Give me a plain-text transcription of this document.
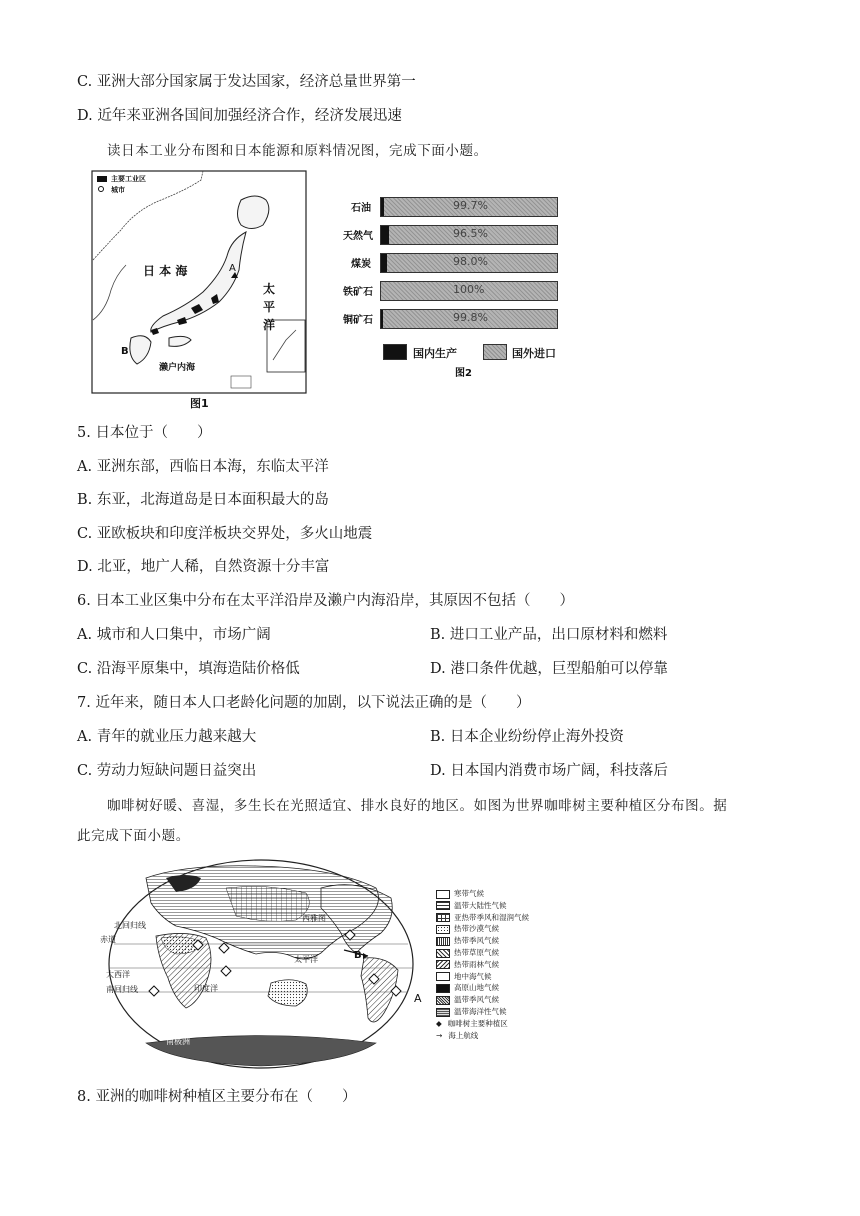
C. 亚洲大部分国家属于发达国家，经济总量世界第一
D. 近年来亚洲各国间加强经济合作，经济发展迅速
读日本工业分布图和日本能源和原料情况图，完成下面小题。
主要工业区
城市
日 本 海
太 平 洋
濑户内海
A
B
图1
石油	99.7%
天然气	96.5%
煤炭	98.0%
铁矿石	100%
铜矿石	99.8%
国内生产	国外进口
图2
5. 日本位于（　　）
A. 亚洲东部，西临日本海，东临太平洋
B. 东亚，北海道岛是日本面积最大的岛
C. 亚欧板块和印度洋板块交界处，多火山地震
D. 北亚，地广人稀，自然资源十分丰富
6. 日本工业区集中分布在太平洋沿岸及濑户内海沿岸，其原因不包括（　　）
A. 城市和人口集中，市场广阔	B. 进口工业产品，出口原材料和燃料
C. 沿海平原集中，填海造陆价格低	D. 港口条件优越，巨型船舶可以停靠
7. 近年来，随日本人口老龄化问题的加剧，以下说法正确的是（　　）
A. 青年的就业压力越来越大	B. 日本企业纷纷停止海外投资
C. 劳动力短缺问题日益突出	D. 日本国内消费市场广阔，科技落后
咖啡树好暖、喜湿，多生长在光照适宜、排水良好的地区。如图为世界咖啡树主要种植区分布图。据
此完成下面小题。
赤道
大西洋
南回归线	印度洋
太平洋
北回归线
南极洲
西雅图
B
A
寒带气候
温带大陆性气候
亚热带季风和湿润气候
热带沙漠气候
热带季风气候
热带草原气候
热带雨林气候
地中海气候
高原山地气候
温带季风气候
温带海洋性气候
◆ 咖啡树主要种植区
→ 海上航线
8. 亚洲的咖啡树种植区主要分布在（　　）
